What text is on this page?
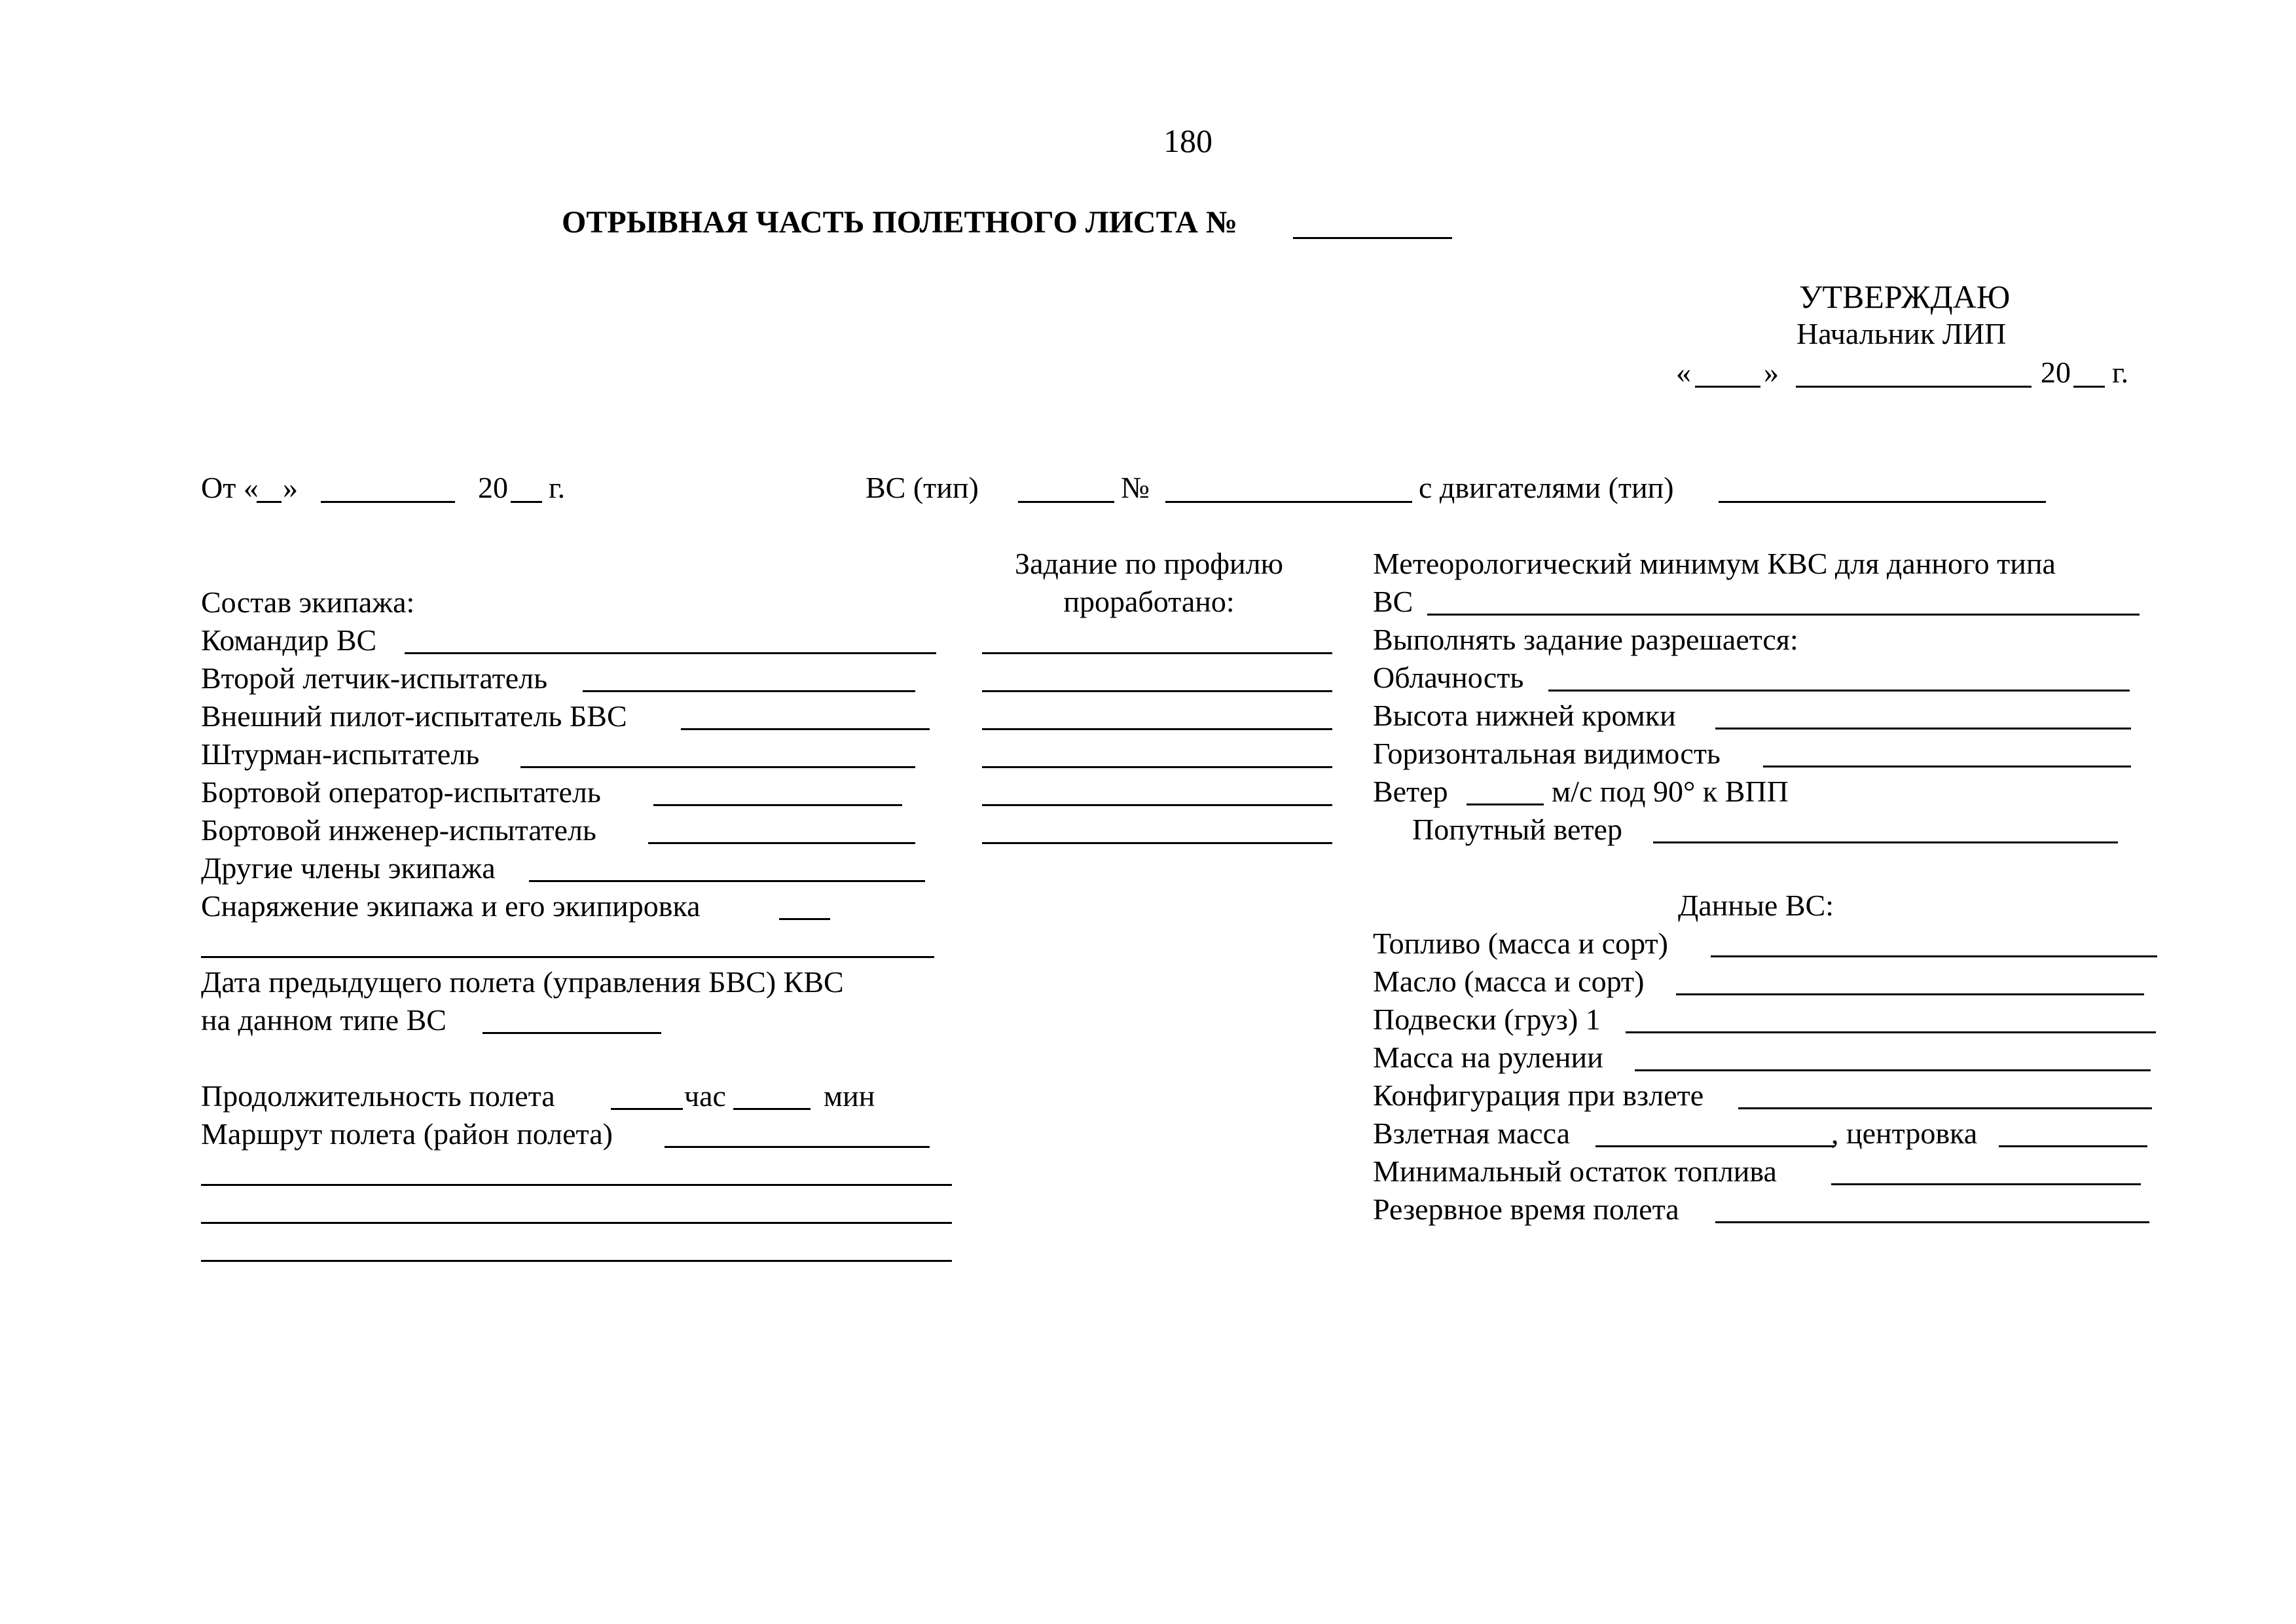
180
ОТРЫВНАЯ ЧАСТЬ ПОЛЕТНОГО ЛИСТА №
УТВЕРЖДАЮ
Начальник ЛИП
« »	20 г.
От « »	20 г.	ВС (тип)	№	с двигателями (тип)
Состав экипажа:
Командир ВС
Второй летчик-испытатель
Внешний пилот-испытатель БВС
Штурман-испытатель
Бортовой оператор-испытатель
Бортовой инженер-испытатель
Другие члены экипажа
Снаряжение экипажа и его экипировка
Дата предыдущего полета (управления БВС) КВС
на данном типе ВС
Продолжительность полета	час	мин
Маршрут полета (район полета)
Задание по профилю
проработано:
Метеорологический минимум КВС для данного типа
ВС
Выполнять задание разрешается:
Облачность
Высота нижней кромки
Горизонтальная видимость
Ветер	м/с под 90° к ВПП
Попутный ветер
Данные ВС:
Топливо (масса и сорт)
Масло (масса и сорт)
Подвески (груз) 1
Масса на рулении
Конфигурация при взлете
Взлетная масса	, центровка
Минимальный остаток топлива
Резервное время полета
